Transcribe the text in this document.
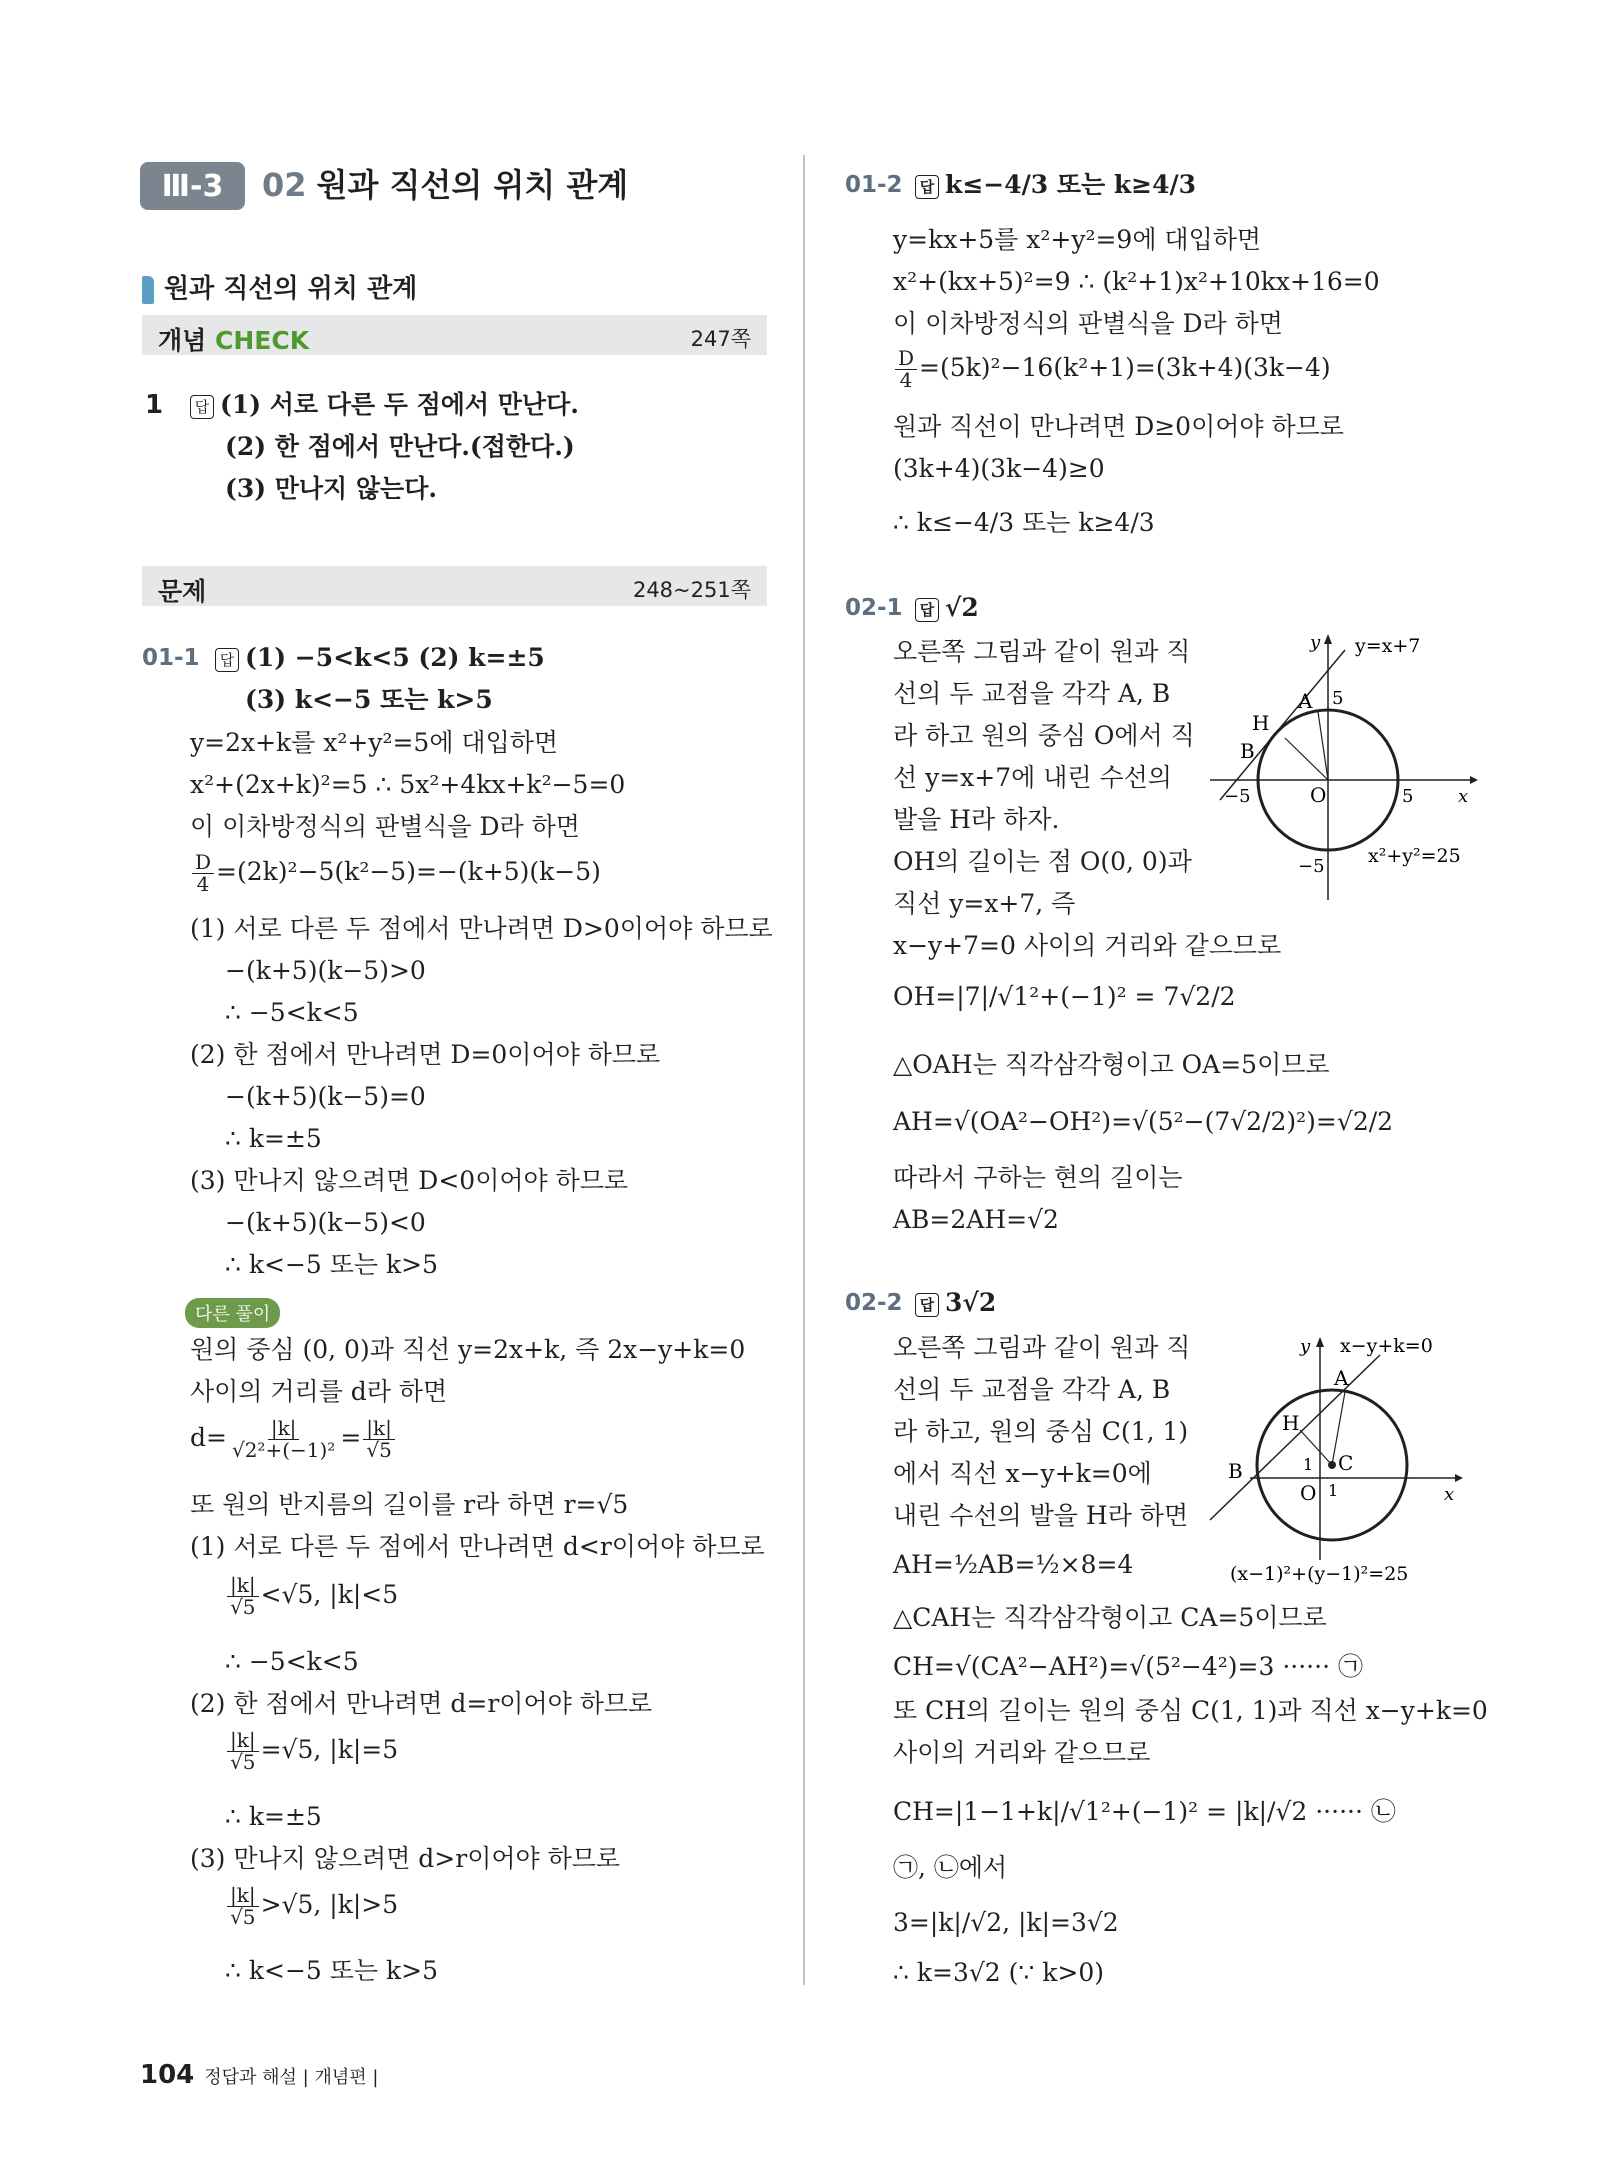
Ⅲ-3	02 원과 직선의 위치 관계
원과 직선의 위치 관계
개념 CHECK	247쪽
1	답 (1) 서로 다른 두 점에서 만난다.
(2) 한 점에서 만난다.(접한다.)
(3) 만나지 않는다.
문제	248~251쪽
01-1	답 (1) −5<k<5 (2) k=±5
(3) k<−5 또는 k>5
y=2x+k를 x²+y²=5에 대입하면
x²+(2x+k)²=5 ∴ 5x²+4kx+k²−5=0
이 이차방정식의 판별식을 D라 하면
$\frac{D}{4} =(2k)^2-5(k^2-5)=-(k+5)(k-5)$
(1) 서로 다른 두 점에서 만나려면 D>0이어야 하므로
−(k+5)(k−5)>0
∴ −5<k<5
(2) 한 점에서 만나려면 D=0이어야 하므로
−(k+5)(k−5)=0
∴ k=±5
(3) 만나지 않으려면 D<0이어야 하므로
−(k+5)(k−5)<0
∴ k<−5 또는 k>5
다른 풀이
원의 중심 (0, 0)과 직선 y=2x+k, 즉 2x−y+k=0
사이의 거리를 d라 하면
$d= \frac{|k|}{\text{√2²+(−1)²}} = \frac{|k|}{√5}$
또 원의 반지름의 길이를 r라 하면 r=√5
(1) 서로 다른 두 점에서 만나려면 d<r이어야 하므로
$\frac{|k|}{√5} <√5$, |k|<5
∴ −5<k<5
(2) 한 점에서 만나려면 d=r이어야 하므로
$\frac{|k|}{√5} =√5$, |k|=5
∴ k=±5
(3) 만나지 않으려면 d>r이어야 하므로
$\frac{|k|}{√5} >√5$, |k|>5
∴ k<−5 또는 k>5
01-2	답 k≤−4/3 또는 k≥4/3
y=kx+5를 x²+y²=9에 대입하면
x²+(kx+5)²=9 ∴ (k²+1)x²+10kx+16=0
이 이차방정식의 판별식을 D라 하면
$\frac{D}{4} =(5k)^2-16(k^2+1)=(3k+4)(3k-4)$
원과 직선이 만나려면 D≥0이어야 하므로
(3k+4)(3k−4)≥0
∴ k≤−4/3 또는 k≥4/3
02-1	답 √2
오른쪽 그림과 같이 원과 직
선의 두 교점을 각각 A, B
라 하고 원의 중심 O에서 직
선 y=x+7에 내린 수선의
발을 H라 하자.
OH의 길이는 점 O(0, 0)과
직선 y=x+7, 즉
x−y+7=0 사이의 거리와 같으므로
OH=|7|/√1²+(−1)² = 7√2/2
△OAH는 직각삼각형이고 OA=5이므로
AH=√(OA²−OH²)=√(5²−(7√2/2)²)=√2/2
따라서 구하는 현의 길이는
AB=2AH=√2
y=x+7
x²+y²=25
A
B
H
O
−5	5
5
−5
x
y
02-2	답 3√2
오른쪽 그림과 같이 원과 직
선의 두 교점을 각각 A, B
라 하고, 원의 중심 C(1, 1)
에서 직선 x−y+k=0에
내린 수선의 발을 H라 하면
AH=½AB=½×8=4
△CAH는 직각삼각형이고 CA=5이므로
CH=√(CA²−AH²)=√(5²−4²)=3 ······ ㉠
또 CH의 길이는 원의 중심 C(1, 1)과 직선 x−y+k=0
사이의 거리와 같으므로
CH=|1−1+k|/√1²+(−1)² = |k|/√2 ······ ㉡
㉠, ㉡에서
3=|k|/√2, |k|=3√2
∴ k=3√2 (∵ k>0)
x−y+k=0
(x−1)²+(y−1)²=25
A
B
H
C
O
1
1	x
y
104 정답과 해설 | 개념편 |
